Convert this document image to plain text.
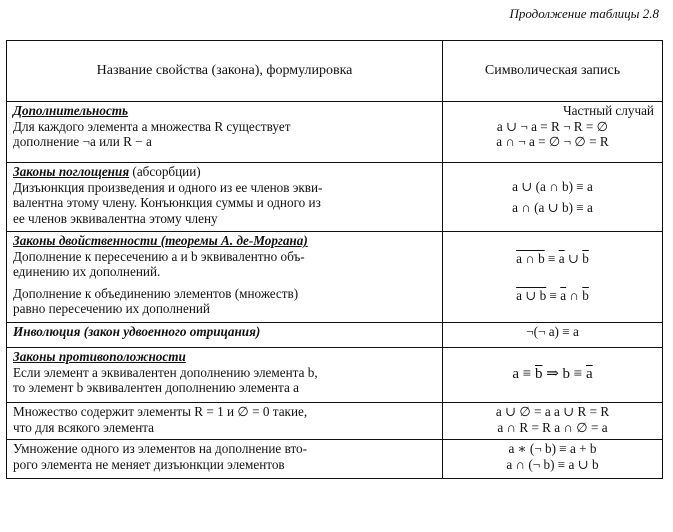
Продолжение таблицы 2.8
Название свойства (закона), формулировка	Символическая запись

Дополнительность
Для каждого элемента a множества R существует
дополнение ¬a или R − a	Частный случай
a ∪ ¬ a = R ¬ R = ∅
a ∩ ¬ a = ∅ ¬ ∅ = R

Законы поглощения (абсорбции)
Дизъюнкция произведения и одного из ее членов экви-
валентна этому члену. Конъюнкция суммы и одного из
ее членов эквивалентна этому члену	a ∪ (a ∩ b) ≡ a
a ∩ (a ∪ b) ≡ a

Законы двойственности (теоремы А. де-Моргана)
Дополнение к пересечению a и b эквивалентно объ-
единению их дополнений.
Дополнение к объединению элементов (множеств)
равно пересечению их дополнений	a ∩ $b \equiv \overline{a}$ ∪ $\overline{b}$
a ∪ $b \equiv \overline{a}$ ∩ $\overline{b}$

Инволюция (закон удвоенного отрицания)	¬(¬ a) ≡ a

Законы противоположности
Если элемент a эквивалентен дополнению элемента b,
то элемент b эквивалентен дополнению элемента a	$a \equiv \overline{b}$ ⇒ $b \equiv \overline{a}$

Множество содержит элементы R = 1 и ∅ = 0 такие,
что для всякого элемента	a ∪ ∅ = a a ∪ R = R
a ∩ R = R a ∩ ∅ = a

Умножение одного из элементов на дополнение вто-
рого элемента не меняет дизъюнкции элементов	a ∗ (¬ b) ≡ a + b
a ∩ (¬ b) ≡ a ∪ b
